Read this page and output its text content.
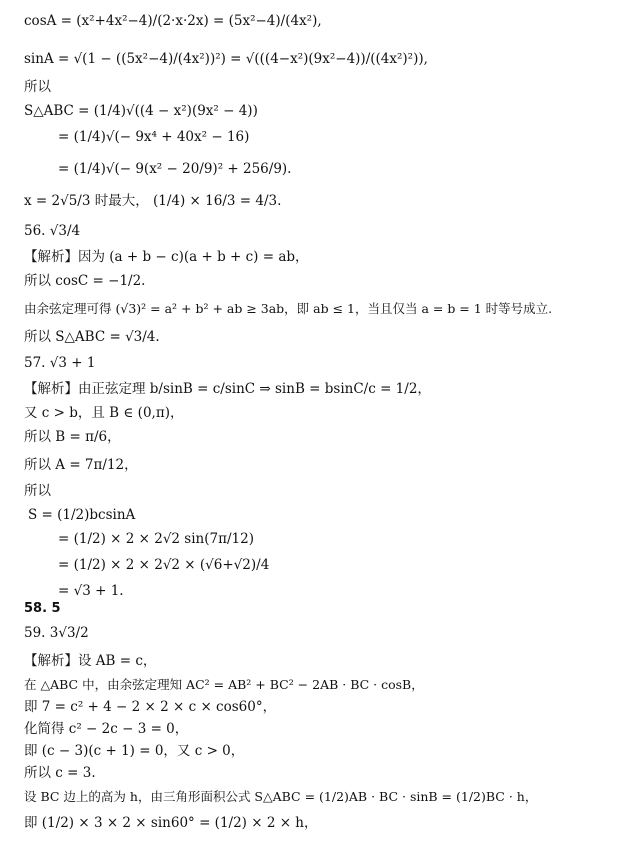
cosA = (x²+4x²−4)/(2·x·2x) = (5x²−4)/(4x²),
sinA = √(1 − ((5x²−4)/(4x²))²) = √(((4−x²)(9x²−4))/((4x²)²)),
所以
S△ABC = (1/4)√((4 − x²)(9x² − 4))
= (1/4)√(− 9x⁴ + 40x² − 16)
= (1/4)√(− 9(x² − 20/9)² + 256/9).
x = 2√5/3 时最大， (1/4) × 16/3 = 4/3.
56. √3/4
【解析】因为 (a + b − c)(a + b + c) = ab，
所以 cosC = −1/2.
由余弦定理可得 (√3)² = a² + b² + ab ≥ 3ab，即 ab ≤ 1，当且仅当 a = b = 1 时等号成立.
所以 S△ABC = √3/4.
57. √3 + 1
【解析】由正弦定理 b/sinB = c/sinC ⇒ sinB = bsinC/c = 1/2，
又 c > b，且 B ∈ (0,π)，
所以 B = π/6，
所以 A = 7π/12，
所以
S = (1/2)bcsinA
= (1/2) × 2 × 2√2 sin(7π/12)
= (1/2) × 2 × 2√2 × (√6+√2)/4
= √3 + 1.
58. 5
59. 3√3/2
【解析】设 AB = c，
在 △ABC 中，由余弦定理知 AC² = AB² + BC² − 2AB · BC · cosB，
即 7 = c² + 4 − 2 × 2 × c × cos60°，
化简得 c² − 2c − 3 = 0，
即 (c − 3)(c + 1) = 0，又 c > 0，
所以 c = 3.
设 BC 边上的高为 h，由三角形面积公式 S△ABC = (1/2)AB · BC · sinB = (1/2)BC · h，
即 (1/2) × 3 × 2 × sin60° = (1/2) × 2 × h，
